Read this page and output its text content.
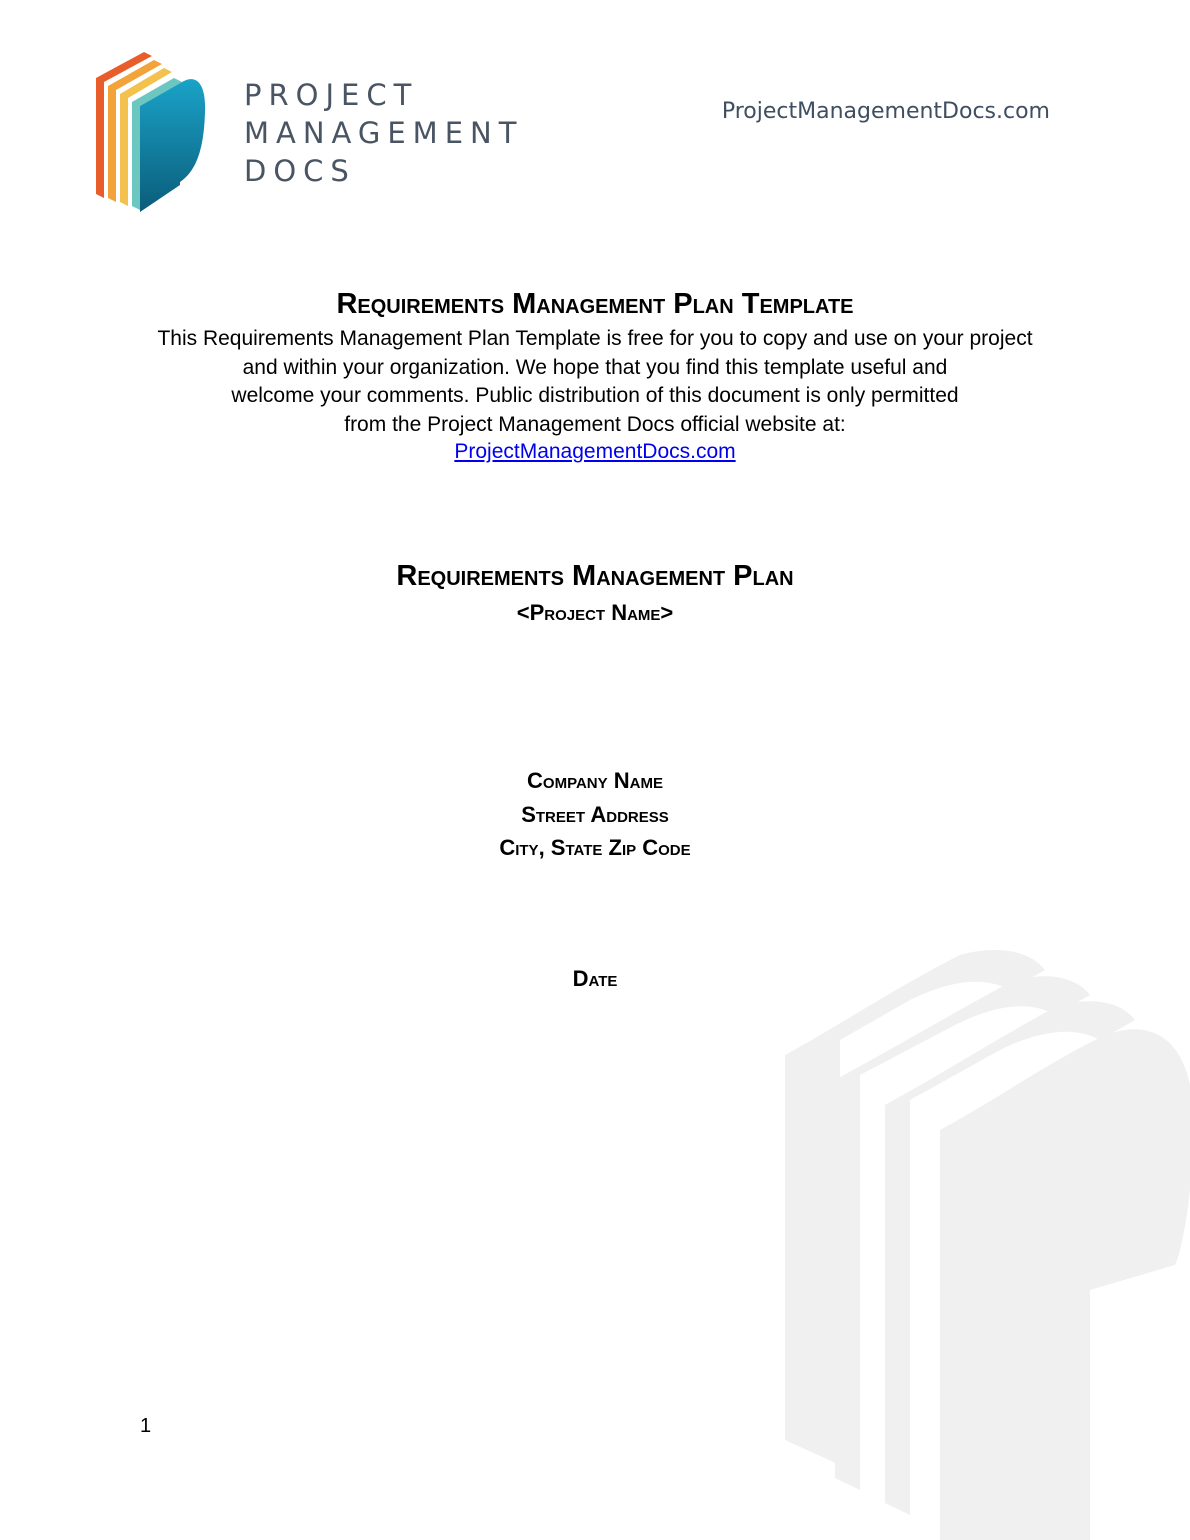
PROJECT
MANAGEMENT
DOCS
ProjectManagementDocs.com
Requirements Management Plan Template
This Requirements Management Plan Template is free for you to copy and use on your project
and within your organization. We hope that you find this template useful and
welcome your comments. Public distribution of this document is only permitted
from the Project Management Docs official website at:
ProjectManagementDocs.com
Requirements Management Plan
<Project Name>
Company Name
Street Address
City, State Zip Code
Date
1
